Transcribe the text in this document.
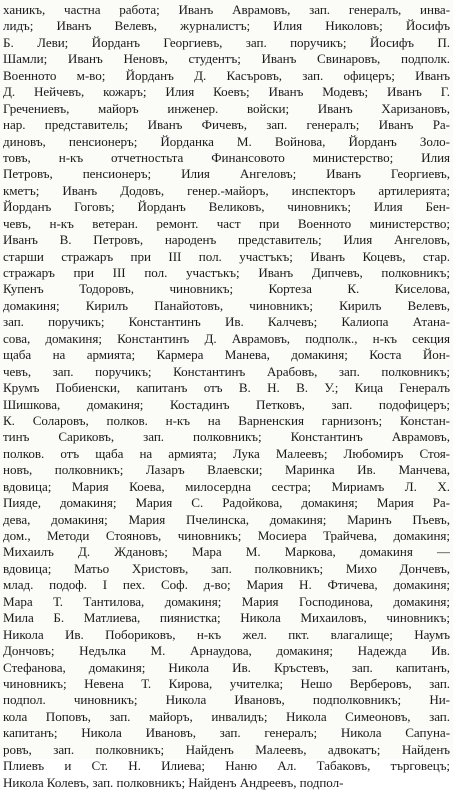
ханикъ, частна работа; Иванъ Аврамовъ, зап. генералъ, инва-
лидъ; Иванъ Велевъ, журналистъ; Илия Николовъ; Йосифъ
Б. Леви; Йорданъ Георгиевъ, зап. поручикъ; Йосифъ П.
Шамли; Иванъ Неновъ, студентъ; Иванъ Свинаровъ, подполк.
Военното м-во; Йорданъ Д. Касъровъ, зап. офицеръ; Иванъ
Д. Нейчевъ, кожаръ; Илия Коевъ; Иванъ Модевъ; Иванъ Г.
Гречениевъ, майоръ инженер. войски; Иванъ Харизановъ,
нар. представитель; Иванъ Фичевъ, зап. генералъ; Иванъ Ра-
диновъ, пенсионеръ; Йорданка М. Войнова, Йорданъ Золо-
товъ, н-къ отчетностьта Финансовото министерство; Илия
Петровъ, пенсионеръ; Илия Ангеловъ; Иванъ Георгиевъ,
кметъ; Иванъ Додовъ, генер.-майоръ, инспекторъ артилерията;
Йорданъ Гоговъ; Йорданъ Великовъ, чиновникъ; Илия Бен-
чевъ, н-къ ветеран. ремонт. част при Военното министерство;
Иванъ В. Петровъ, народенъ представитель; Илия Ангеловъ,
старши стражаръ при III пол. участъкъ; Иванъ Коцевъ, стар.
стражаръ при III пол. участъкъ; Иванъ Дипчевъ, полковникъ;
Купенъ Тодоровъ, чиновникъ; Кортеза К. Киселова,
домакиня; Кирилъ Панайотовъ, чиновникъ; Кирилъ Велевъ,
зап. поручикъ; Константинъ Ив. Калчевъ; Калиопа Атана-
сова, домакиня; Константинъ Д. Аврамовъ, подполк., н-къ секция
щаба на армията; Кармера Манева, домакиня; Коста Йон-
чевъ, зап. поручикъ; Константинъ Арабовъ, зап. полковникъ;
Крумъ Побиенски, капитанъ отъ В. Н. В. У.; Кица Генералъ
Шишкова, домакиня; Костадинъ Петковъ, зап. подофицеръ;
К. Соларовъ, полков. н-къ на Варненския гарнизонъ; Констан-
тинъ Сариковъ, зап. полковникъ; Константинъ Аврамовъ,
полков. отъ щаба на армията; Лука Малеевъ; Любомиръ Стоя-
новъ, полковникъ; Лазаръ Влаевски; Маринка Ив. Манчева,
вдовица; Мария Коева, милосердна сестра; Мириамъ Л. Х.
Пияде, домакиня; Мария С. Радойкова, домакиня; Мария Ра-
дева, домакиня; Мария Пчелинска, домакиня; Маринъ Пъевъ,
дом., Методи Стояновъ, чиновникъ; Мосиера Трайчева, домакиня;
Михаилъ Д. Ждановъ; Мара М. Маркова, домакиня —
вдовица; Матьо Христовъ, зап. полковникъ; Михо Дончевъ,
млад. подоф. I пех. Соф. д-во; Мария Н. Фтичева, домакиня;
Мара Т. Тантилова, домакиня; Мария Господинова, домакиня;
Мила Б. Матлиева, пиянистка; Никола Михаиловъ, чиновникъ;
Никола Ив. Побориковъ, н-къ жел. пкт. влагалище; Наумъ
Дончовъ; Недълка М. Арнаудова, домакиня; Надежда Ив.
Стефанова, домакиня; Никола Ив. Кръстевъ, зап. капитанъ,
чиновникъ; Невена Т. Кирова, учителка; Нешо Верберовъ, зап.
подпол. чиновникъ; Никола Ивановъ, подполковникъ; Ни-
кола Поповъ, зап. майоръ, инвалидъ; Никола Симеоновъ, зап.
капитанъ; Никола Ивановъ, зап. генералъ; Никола Сапуна-
ровъ, зап. полковникъ; Найденъ Малеевъ, адвокатъ; Найденъ
Плиевъ и Ст. Н. Илиева; Наню Ал. Табаковъ, търговецъ;
Никола Колевъ, зап. полковникъ; Найденъ Андреевъ, подпол-
